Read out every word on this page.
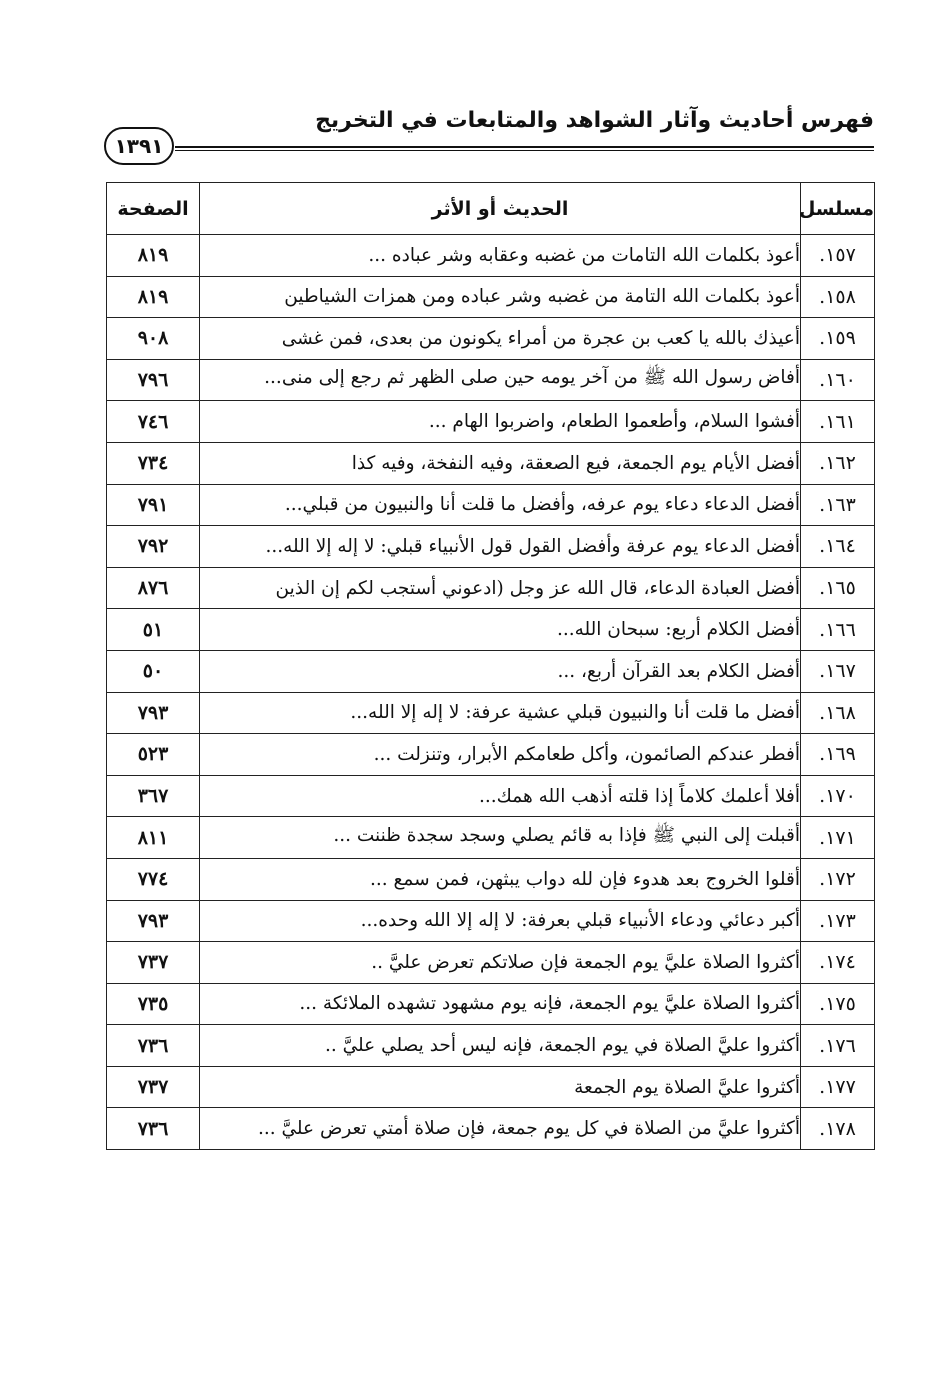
فهرس أحاديث وآثار الشواهد والمتابعات في التخريج
١٣٩١
مسلسل	الحديث أو الأثر	الصفحة
١٥٧.	أعوذ بكلمات الله التامات من غضبه وعقابه وشر عباده ...	٨١٩
١٥٨.	أعوذ بكلمات الله التامة من غضبه وشر عباده ومن همزات الشياطين	٨١٩
١٥٩.	أعيذك بالله يا كعب بن عجرة من أمراء يكونون من بعدى، فمن غشى	٩٠٨
١٦٠.	أفاض رسول الله ﷺ من آخر يومه حين صلى الظهر ثم رجع إلى منى...	٧٩٦
١٦١.	أفشوا السلام، وأطعموا الطعام، واضربوا الهام ...	٧٤٦
١٦٢.	أفضل الأيام يوم الجمعة، فيع الصعقة، وفيه النفخة، وفيه كذا	٧٣٤
١٦٣.	أفضل الدعاء دعاء يوم عرفه، وأفضل ما قلت أنا والنبيون من قبلي...	٧٩١
١٦٤.	أفضل الدعاء يوم عرفة وأفضل القول قول الأنبياء قبلي: لا إله إلا الله...	٧٩٢
١٦٥.	أفضل العبادة الدعاء، قال الله عز وجل (ادعوني أستجب لكم إن الذين	٨٧٦
١٦٦.	أفضل الكلام أربع: سبحان الله...	٥١
١٦٧.	أفضل الكلام بعد القرآن أربع، ...	٥٠
١٦٨.	أفضل ما قلت أنا والنبيون قبلي عشية عرفة: لا إله إلا الله...	٧٩٣
١٦٩.	أفطر عندكم الصائمون، وأكل طعامكم الأبرار، وتنزلت ...	٥٢٣
١٧٠.	أفلا أعلمك كلاماً إذا قلته أذهب الله همك...	٣٦٧
١٧١.	أقبلت إلى النبي ﷺ فإذا به قائم يصلي وسجد سجدة ظننت ...	٨١١
١٧٢.	أقلوا الخروج بعد هدوء فإن لله دواب يبثهن، فمن سمع ...	٧٧٤
١٧٣.	أكبر دعائي ودعاء الأنبياء قبلي بعرفة: لا إله إلا الله وحده...	٧٩٣
١٧٤.	أكثروا الصلاة عليَّ يوم الجمعة فإن صلاتكم تعرض عليَّ ..	٧٣٧
١٧٥.	أكثروا الصلاة عليَّ يوم الجمعة، فإنه يوم مشهود تشهده الملائكة ...	٧٣٥
١٧٦.	أكثروا عليَّ الصلاة في يوم الجمعة، فإنه ليس أحد يصلي عليَّ ..	٧٣٦
١٧٧.	أكثروا عليَّ الصلاة يوم الجمعة	٧٣٧
١٧٨.	أكثروا عليَّ من الصلاة في كل يوم جمعة، فإن صلاة أمتي تعرض عليَّ ...	٧٣٦
